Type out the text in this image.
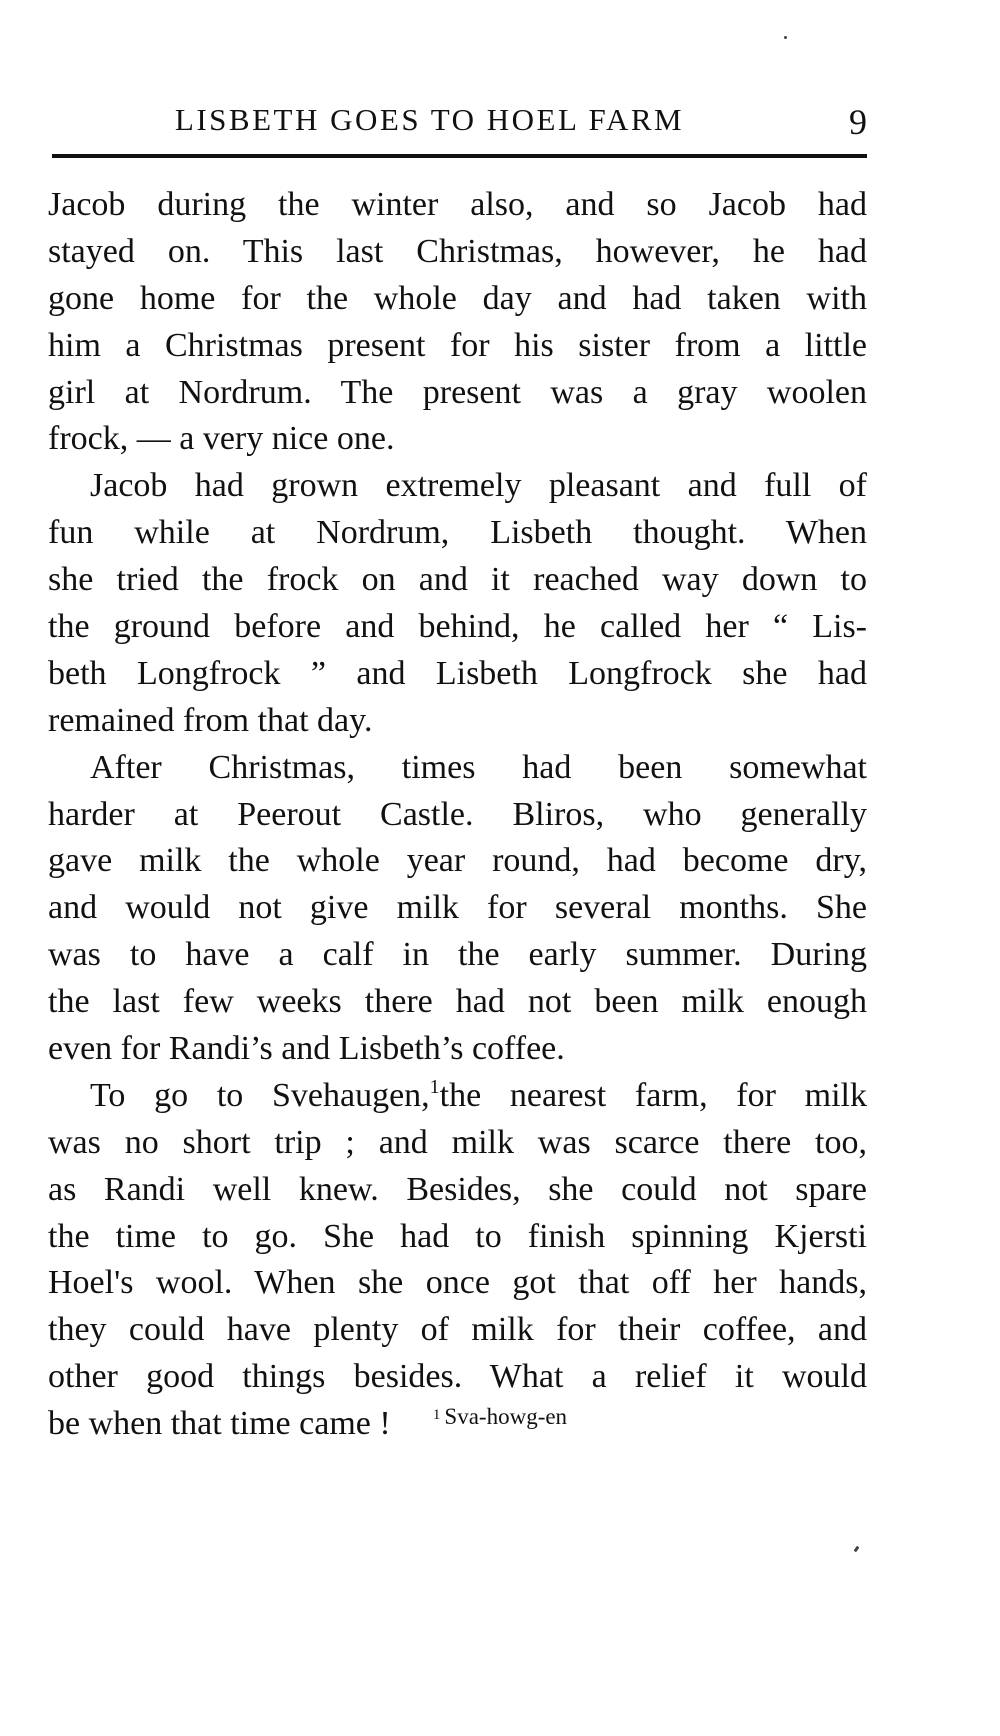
LISBETH GOES TO HOEL FARM	9
Jacob during the winter also, and so Jacob had
stayed on. This last Christmas, however, he had
gone home for the whole day and had taken with
him a Christmas present for his sister from a little
girl at Nordrum. The present was a gray woolen
frock, — a very nice one.
Jacob had grown extremely pleasant and full of
fun while at Nordrum, Lisbeth thought. When
she tried the frock on and it reached way down to
the ground before and behind, he called her “ Lis-
beth Longfrock ” and Lisbeth Longfrock she had
remained from that day.
After Christmas, times had been somewhat
harder at Peerout Castle. Bliros, who generally
gave milk the whole year round, had become dry,
and would not give milk for several months. She
was to have a calf in the early summer. During
the last few weeks there had not been milk enough
even for Randi’s and Lisbeth’s coffee.
To go to Svehaugen,$^1$the nearest farm, for milk
was no short trip ; and milk was scarce there too,
as Randi well knew. Besides, she could not spare
the time to go. She had to finish spinning Kjersti
Hoel's wool. When she once got that off her hands,
they could have plenty of milk for their coffee, and
other good things besides. What a relief it would
be when that time came !	$^1$ Sva-howg-en
